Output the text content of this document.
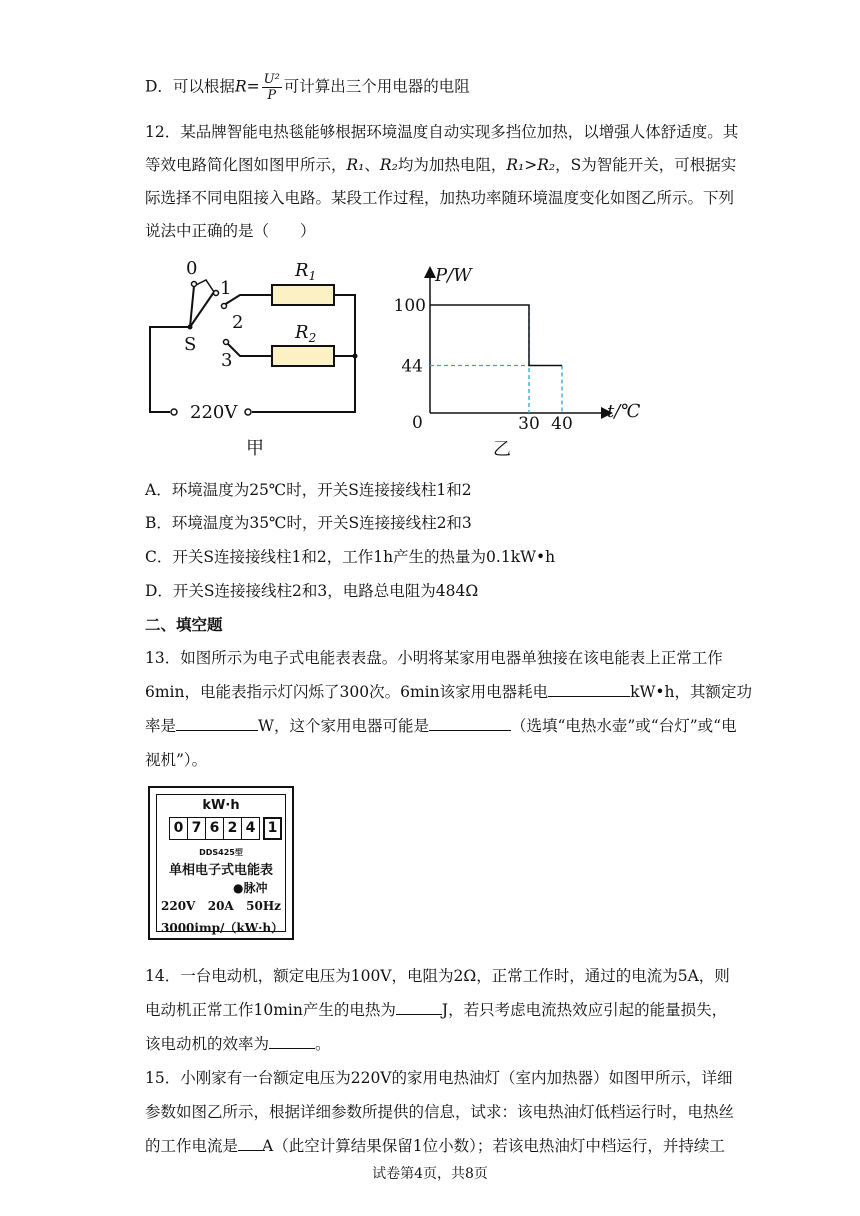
D．可以根据$R= \frac{\text{U²}}{P}$ 可计算出三个用电器的电阻
12．某品牌智能电热毯能够根据环境温度自动实现多挡位加热，以增强人体舒适度。其
等效电路简化图如图甲所示，R₁、R₂均为加热电阻，R₁>R₂，S为智能开关，可根据实
际选择不同电阻接入电路。某段工作过程，加热功率随环境温度变化如图乙所示。下列
说法中正确的是（　　）
0
1
2
3
S
$R_1$
$R_2$
220V
甲
P/W
t/℃
0	30 40
100
44
乙
A．环境温度为25℃时，开关S连接接线柱1和2
B．环境温度为35℃时，开关S连接接线柱2和3
C．开关S连接接线柱1和2，工作1h产生的热量为0.1kW•h
D．开关S连接接线柱2和3，电路总电阻为484Ω
二、填空题
13．如图所示为电子式电能表表盘。小明将某家用电器单独接在该电能表上正常工作
6min，电能表指示灯闪烁了300次。6min该家用电器耗电	kW•h，其额定功
率是	W，这个家用电器可能是	（选填“电热水壶”或“台灯”或“电
视机”）。
kW·h
0 7 6 2 4 1
DDS425型
单相电子式电能表
●脉冲
220V 20A 50Hz
3000imp/（kW·h）
14．一台电动机，额定电压为100V，电阻为2Ω，正常工作时，通过的电流为5A，则
电动机正常工作10min产生的电热为	J，若只考虑电流热效应引起的能量损失，
该电动机的效率为	。
15．小刚家有一台额定电压为220V的家用电热油灯（室内加热器）如图甲所示，详细
参数如图乙所示，根据详细参数所提供的信息，试求：该电热油灯低档运行时，电热丝
的工作电流是 A（此空计算结果保留1位小数）；若该电热油灯中档运行，并持续工
试卷第4页，共8页
